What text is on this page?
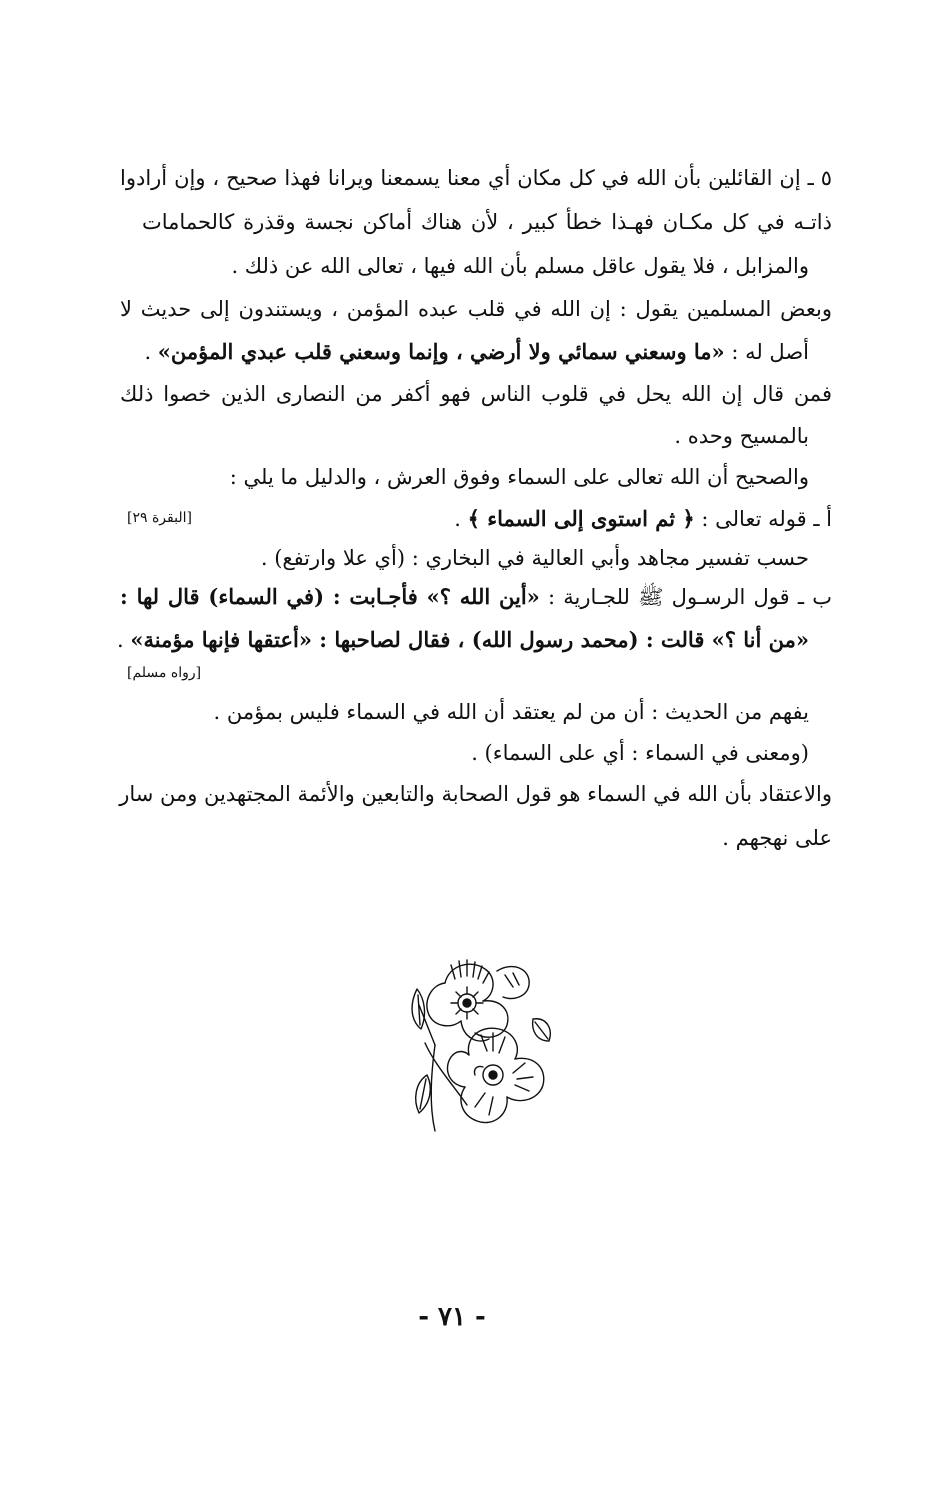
٥ ـ إن القائلين بأن الله في كل مكان أي معنا يسمعنا ويرانا فهذا صحيح ، وإن أرادوا
ذاتـه في كل مكـان فهـذا خطأ كبير ، لأن هناك أماكن نجسة وقذرة كالحمامات
والمزابل ، فلا يقول عاقل مسلم بأن الله فيها ، تعالى الله عن ذلك .
وبعض المسلمين يقول : إن الله في قلب عبده المؤمن ، ويستندون إلى حديث لا
أصل له : «ما وسعني سمائي ولا أرضي ، وإنما وسعني قلب عبدي المؤمن» .
فمن قال إن الله يحل في قلوب الناس فهو أكفر من النصارى الذين خصوا ذلك
بالمسيح وحده .
والصحيح أن الله تعالى على السماء وفوق العرش ، والدليل ما يلي :
أ ـ قوله تعالى : ﴿ ثم استوى إلى السماء ﴾ .
[البقرة ٢٩]
حسب تفسير مجاهد وأبي العالية في البخاري : (أي علا وارتفع) .
ب ـ قول الرسـول ﷺ للجـارية : «أين الله ؟» فأجـابت : (في السماء) قال لها :
«من أنا ؟» قالت : (محمد رسول الله) ، فقال لصاحبها : «أعتقها فإنها مؤمنة» .
[رواه مسلم]
يفهم من الحديث : أن من لم يعتقد أن الله في السماء فليس بمؤمن .
(ومعنى في السماء : أي على السماء) .
والاعتقاد بأن الله في السماء هو قول الصحابة والتابعين والأئمة المجتهدين ومن سار
على نهجهم .
- ٧١ -
